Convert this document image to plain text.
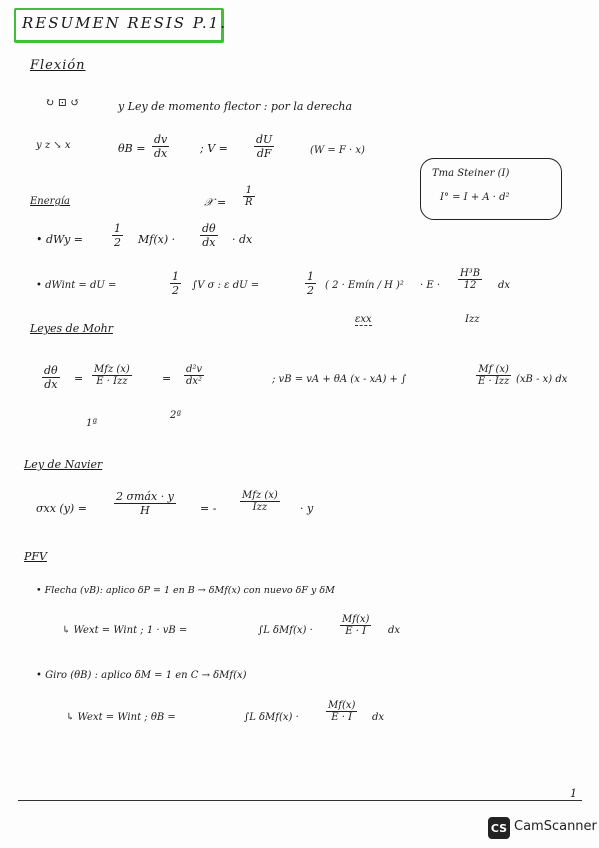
RESUMEN RESIS P.1.
Flexión
↻ ⊡ ↺	y Ley de momento flector : por la derecha
y z ↘ x	$\theta B = \frac{dv}{dx}$	; $V = \frac{dU}{dF}$	(W = F · x)
Tma Steiner (I)
I° = I + A · d²
Energía	𝒳 = $\frac{1}{R}$
• dWy =	$\frac{1}{2} Mf(x) \cdot \frac{d\theta}{dx}$ · dx
• dWint = dU =	$\frac{1}{2} \int V$ σ : ε dU =	$\frac{1}{2}$ ( 2 · Emín / H )$^2 \cdot E \cdot \frac{\text{H³B}}{12}$ dx
εxx	Izz
Leyes de Mohr
$\frac{d\theta}{dx}$ =
Mfz (x)
E · Izz	= $\frac{\text{d²v}}{\text{dx²}}$
1ª
2ª
; vB = vA + θA (x - xA) + ∫
Mf (x)
E · Izz (xB - x) dx
Ley de Navier
σxx (y) =
2 σmáx · y
H	= -
Mfz (x)
Izz	· y
PFV
• Flecha (vB): aplico δP = 1 en B → δMf(x) con nuevo δF y δM
↳ Wext = Wint ; 1 · vB =	∫L δMf(x) ·	$\frac{Mf(x)}{E \cdot I}$ dx
• Giro (θB) : aplico δM = 1 en C → δMf(x)
↳ Wext = Wint ; θB =	∫L δMf(x) ·	$\frac{Mf(x)}{E \cdot I}$ dx
1
CS CamScanner
